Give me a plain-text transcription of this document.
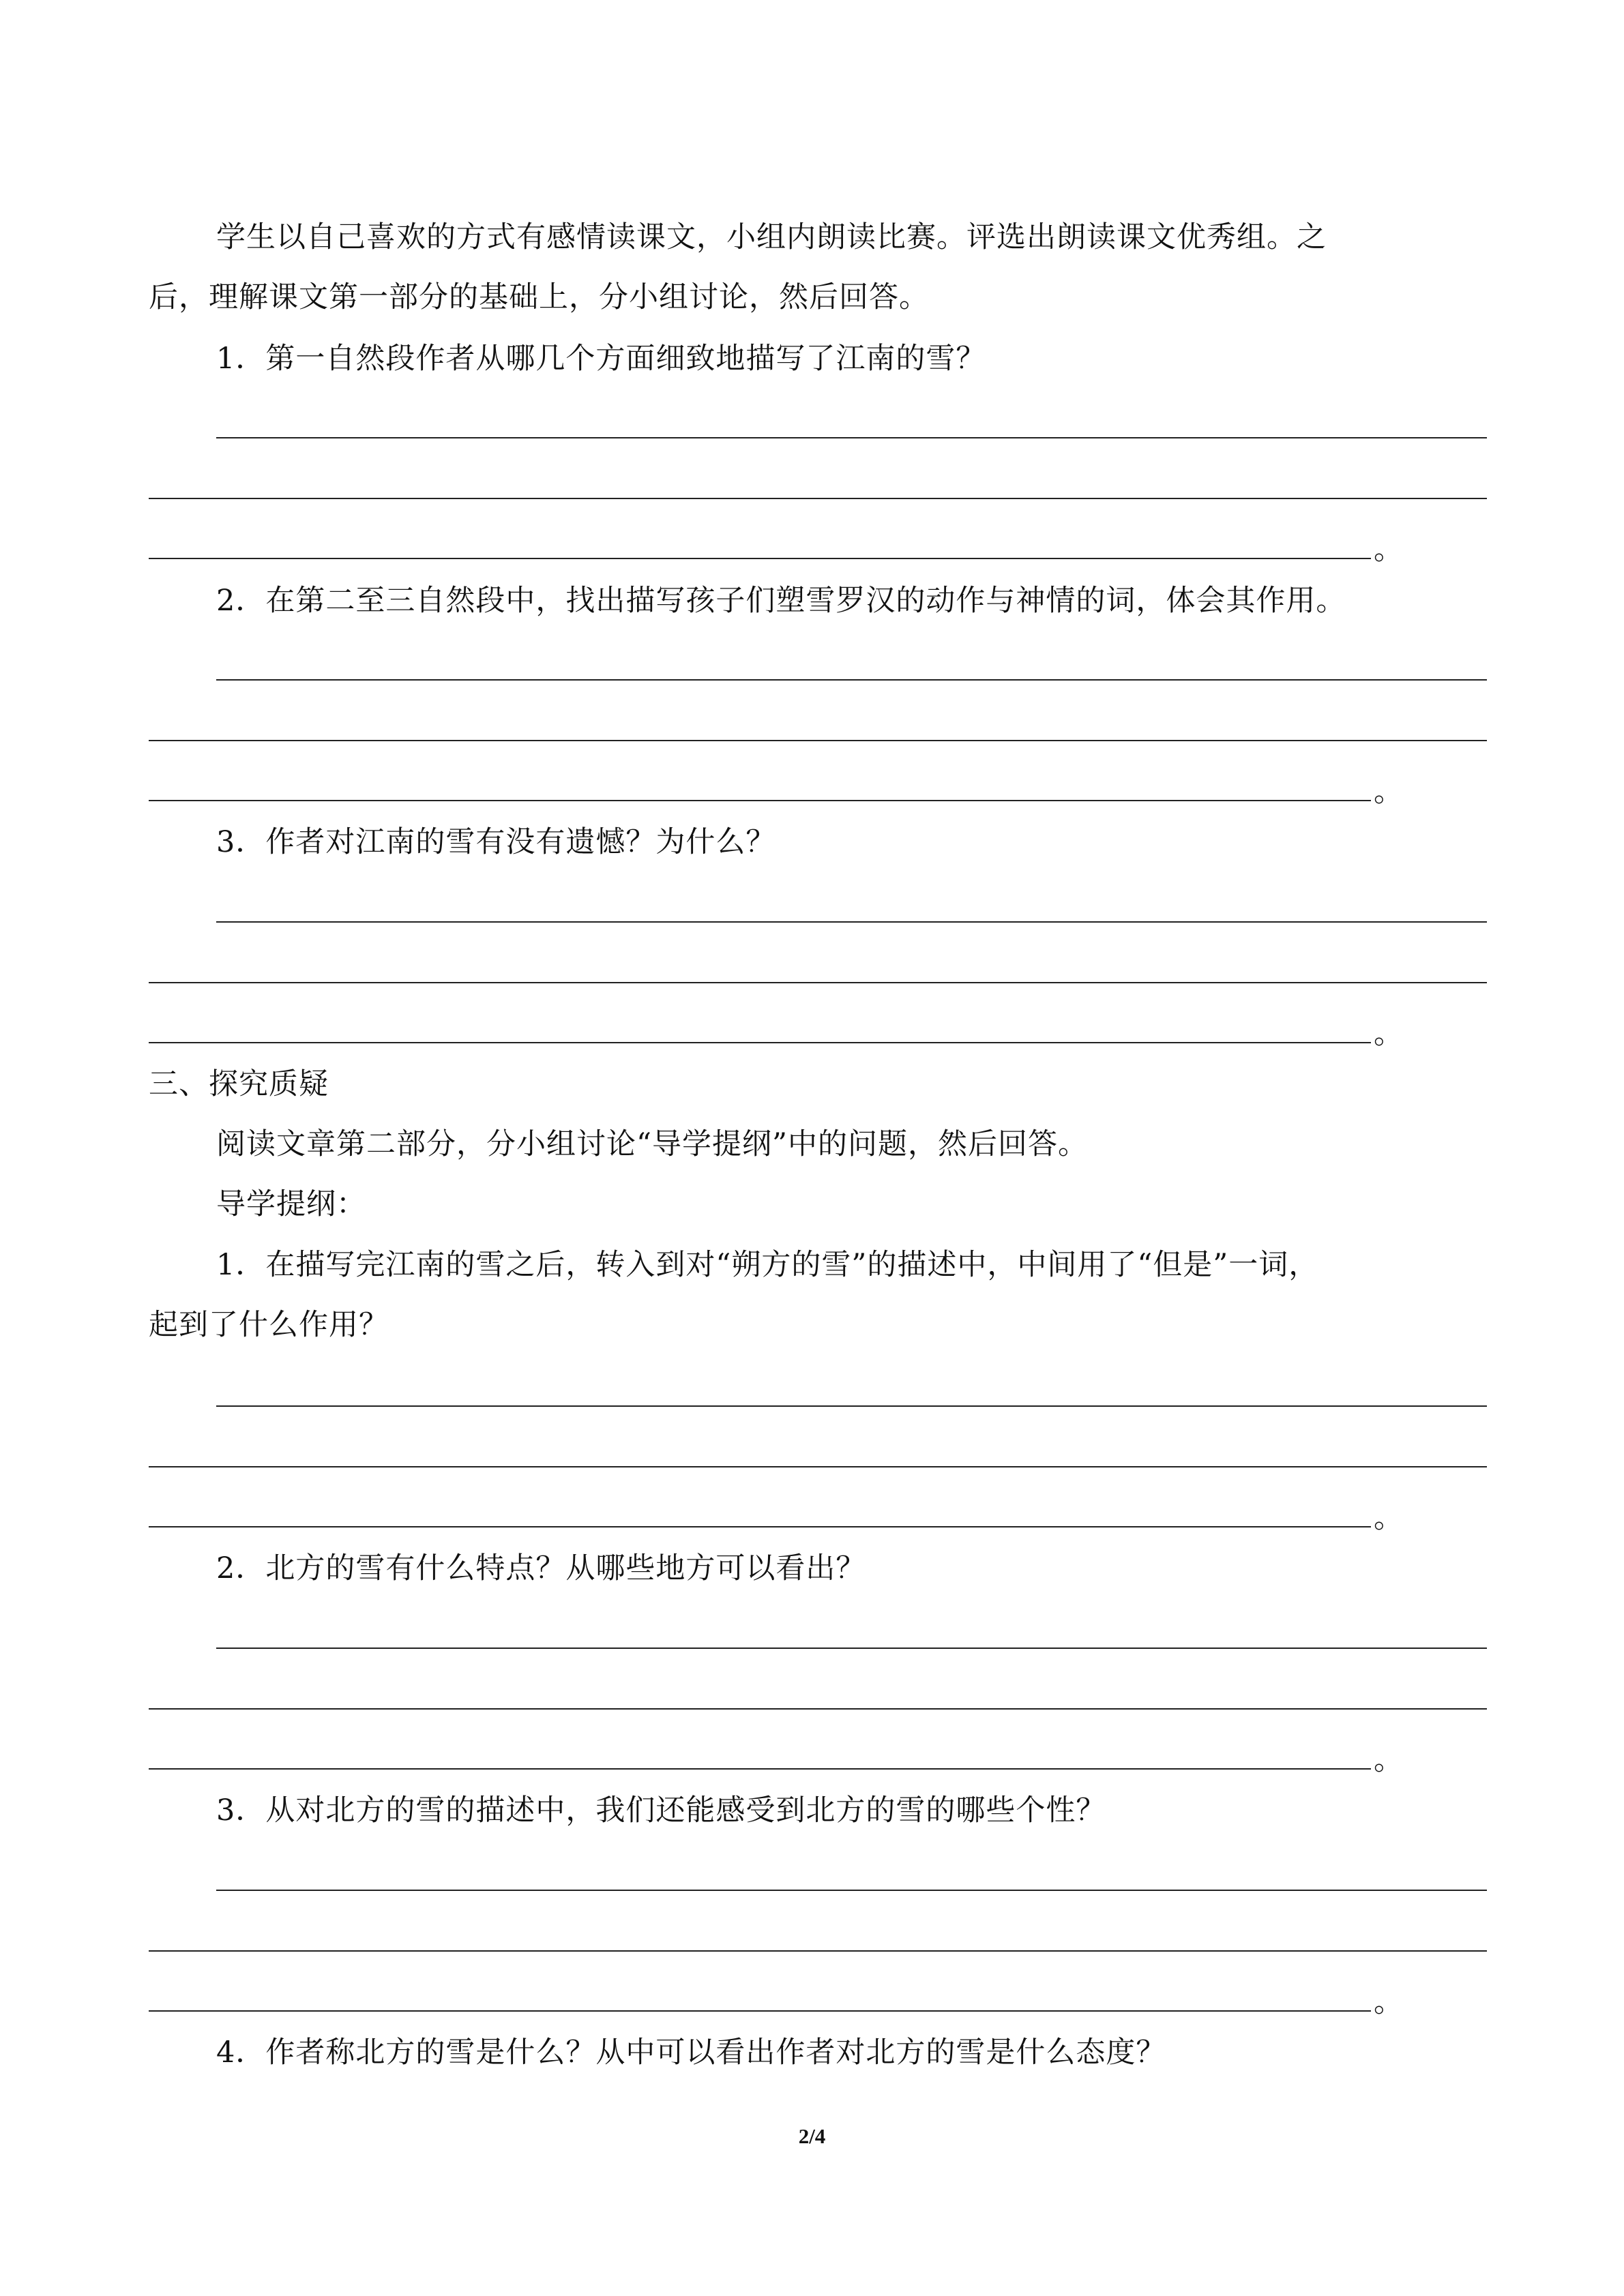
学生以自己喜欢的方式有感情读课文，小组内朗读比赛。评选出朗读课文优秀组。之

后，理解课文第一部分的基础上，分小组讨论，然后回答。

1．第一自然段作者从哪几个方面细致地描写了江南的雪？

。

2．在第二至三自然段中，找出描写孩子们塑雪罗汉的动作与神情的词，体会其作用。

。

3．作者对江南的雪有没有遗憾？为什么？

。

三、探究质疑

阅读文章第二部分，分小组讨论“导学提纲”中的问题，然后回答。

导学提纲：

1．在描写完江南的雪之后，转入到对“朔方的雪”的描述中，中间用了“但是”一词，

起到了什么作用？

。

2．北方的雪有什么特点？从哪些地方可以看出？

。

3．从对北方的雪的描述中，我们还能感受到北方的雪的哪些个性？

。

4．作者称北方的雪是什么？从中可以看出作者对北方的雪是什么态度？

2/4
